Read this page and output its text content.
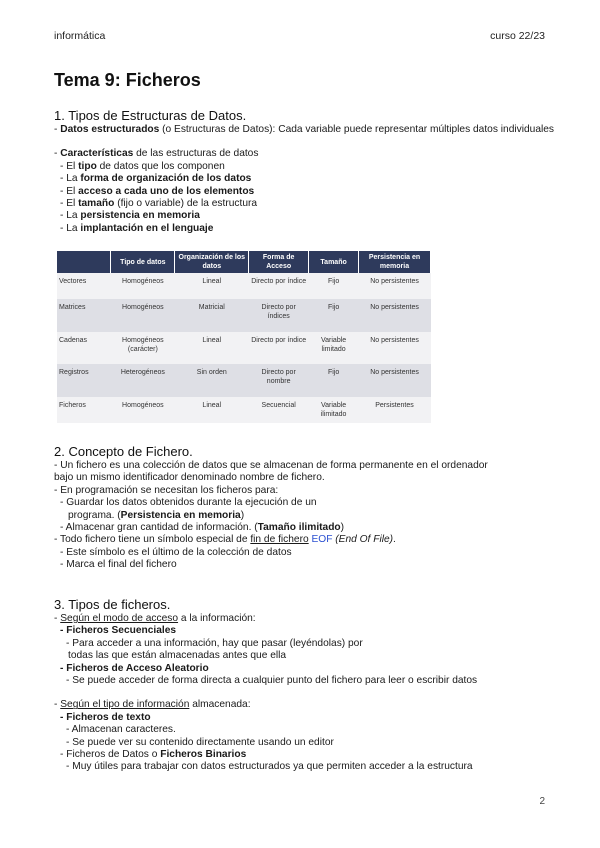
informática	curso 22/23
Tema 9: Ficheros
1. Tipos de Estructuras de Datos.
- Datos estructurados (o Estructuras de Datos): Cada variable puede representar múltiples datos individuales
- Características de las estructuras de datos
- El tipo de datos que los componen
- La forma de organización de los datos
- El acceso a cada uno de los elementos
- El tamaño (fijo o variable) de la estructura
- La persistencia en memoria
- La implantación en el lenguaje
	Tipo de datos	Organización de los datos	Forma de Acceso	Tamaño	Persistencia en memoria
Vectores	Homogéneos	Lineal	Directo por índice	Fijo	No persistentes
Matrices	Homogéneos	Matricial	Directo por índices	Fijo	No persistentes
Cadenas	Homogéneos (carácter)	Lineal	Directo por índice	Variable limitado	No persistentes
Registros	Heterogéneos	Sin orden	Directo por nombre	Fijo	No persistentes
Ficheros	Homogéneos	Lineal	Secuencial	Variable ilimitado	Persistentes
2. Concepto de Fichero.
- Un fichero es una colección de datos que se almacenan de forma permanente en el ordenador
bajo un mismo identificador denominado nombre de fichero.
- En programación se necesitan los ficheros para:
- Guardar los datos obtenidos durante la ejecución de un
programa. (Persistencia en memoria)
- Almacenar gran cantidad de información. (Tamaño ilimitado)
- Todo fichero tiene un símbolo especial de fin de fichero EOF (End Of File).
- Este símbolo es el último de la colección de datos
- Marca el final del fichero
3. Tipos de ficheros.
- Según el modo de acceso a la información:
- Ficheros Secuenciales
- Para acceder a una información, hay que pasar (leyéndolas) por
todas las que están almacenadas antes que ella
- Ficheros de Acceso Aleatorio
- Se puede acceder de forma directa a cualquier punto del fichero para leer o escribir datos
- Según el tipo de información almacenada:
- Ficheros de texto
- Almacenan caracteres.
- Se puede ver su contenido directamente usando un editor
- Ficheros de Datos o Ficheros Binarios
- Muy útiles para trabajar con datos estructurados ya que permiten acceder a la estructura
2
